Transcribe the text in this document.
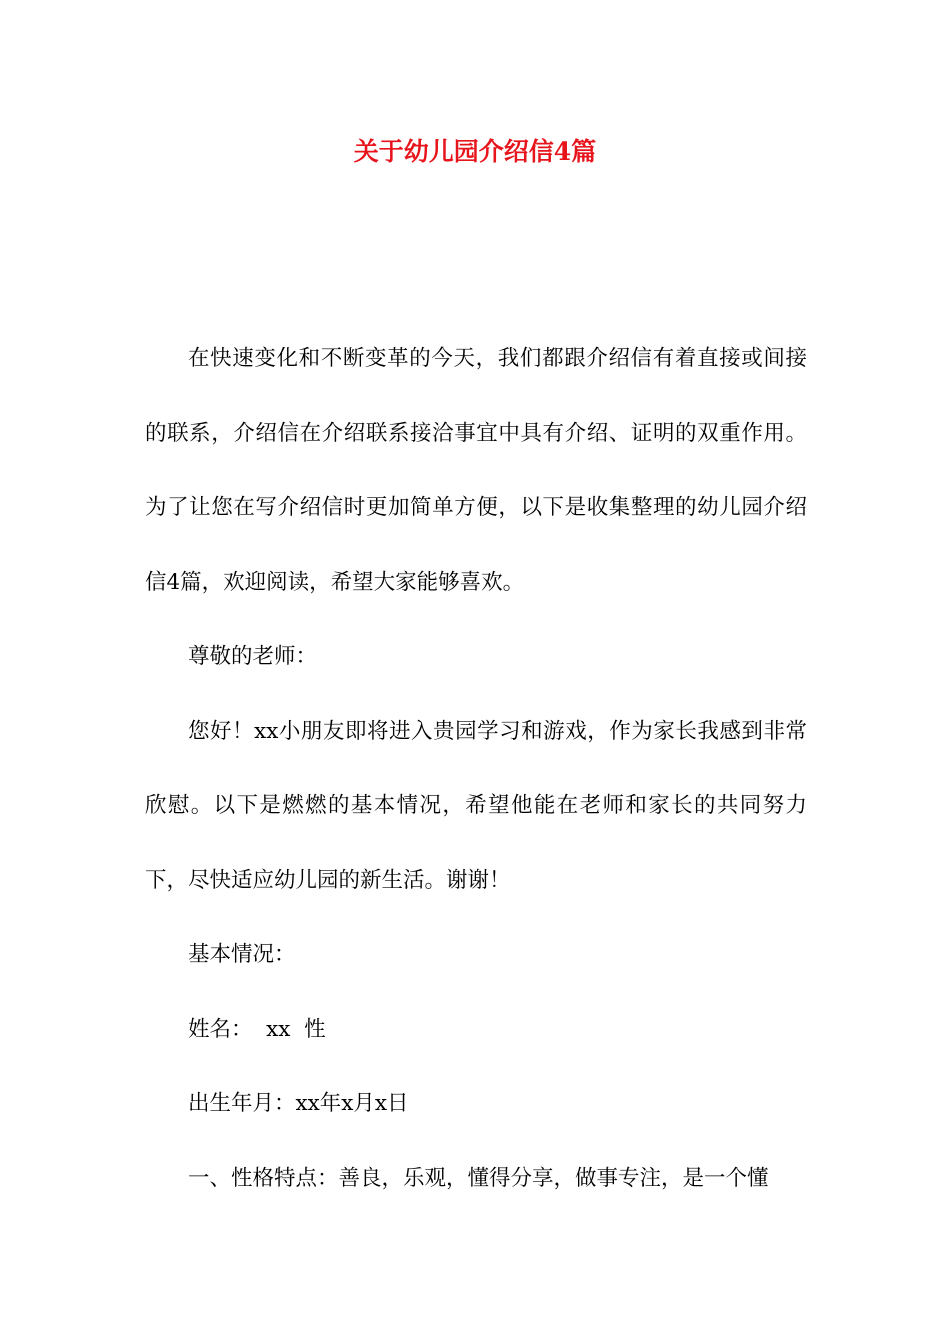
关于幼儿园介绍信4篇

在快速变化和不断变革的今天，我们都跟介绍信有着直接或间接的联系，介绍信在介绍联系接洽事宜中具有介绍、证明的双重作用。为了让您在写介绍信时更加简单方便，以下是收集整理的幼儿园介绍信4篇，欢迎阅读，希望大家能够喜欢。

尊敬的老师：

您好！xx小朋友即将进入贵园学习和游戏，作为家长我感到非常欣慰。以下是燃燃的基本情况，希望他能在老师和家长的共同努力下，尽快适应幼儿园的新生活。谢谢！

基本情况：

姓名：  xx  性

出生年月：xx年x月x日

一、性格特点：善良，乐观，懂得分享，做事专注，是一个懂
